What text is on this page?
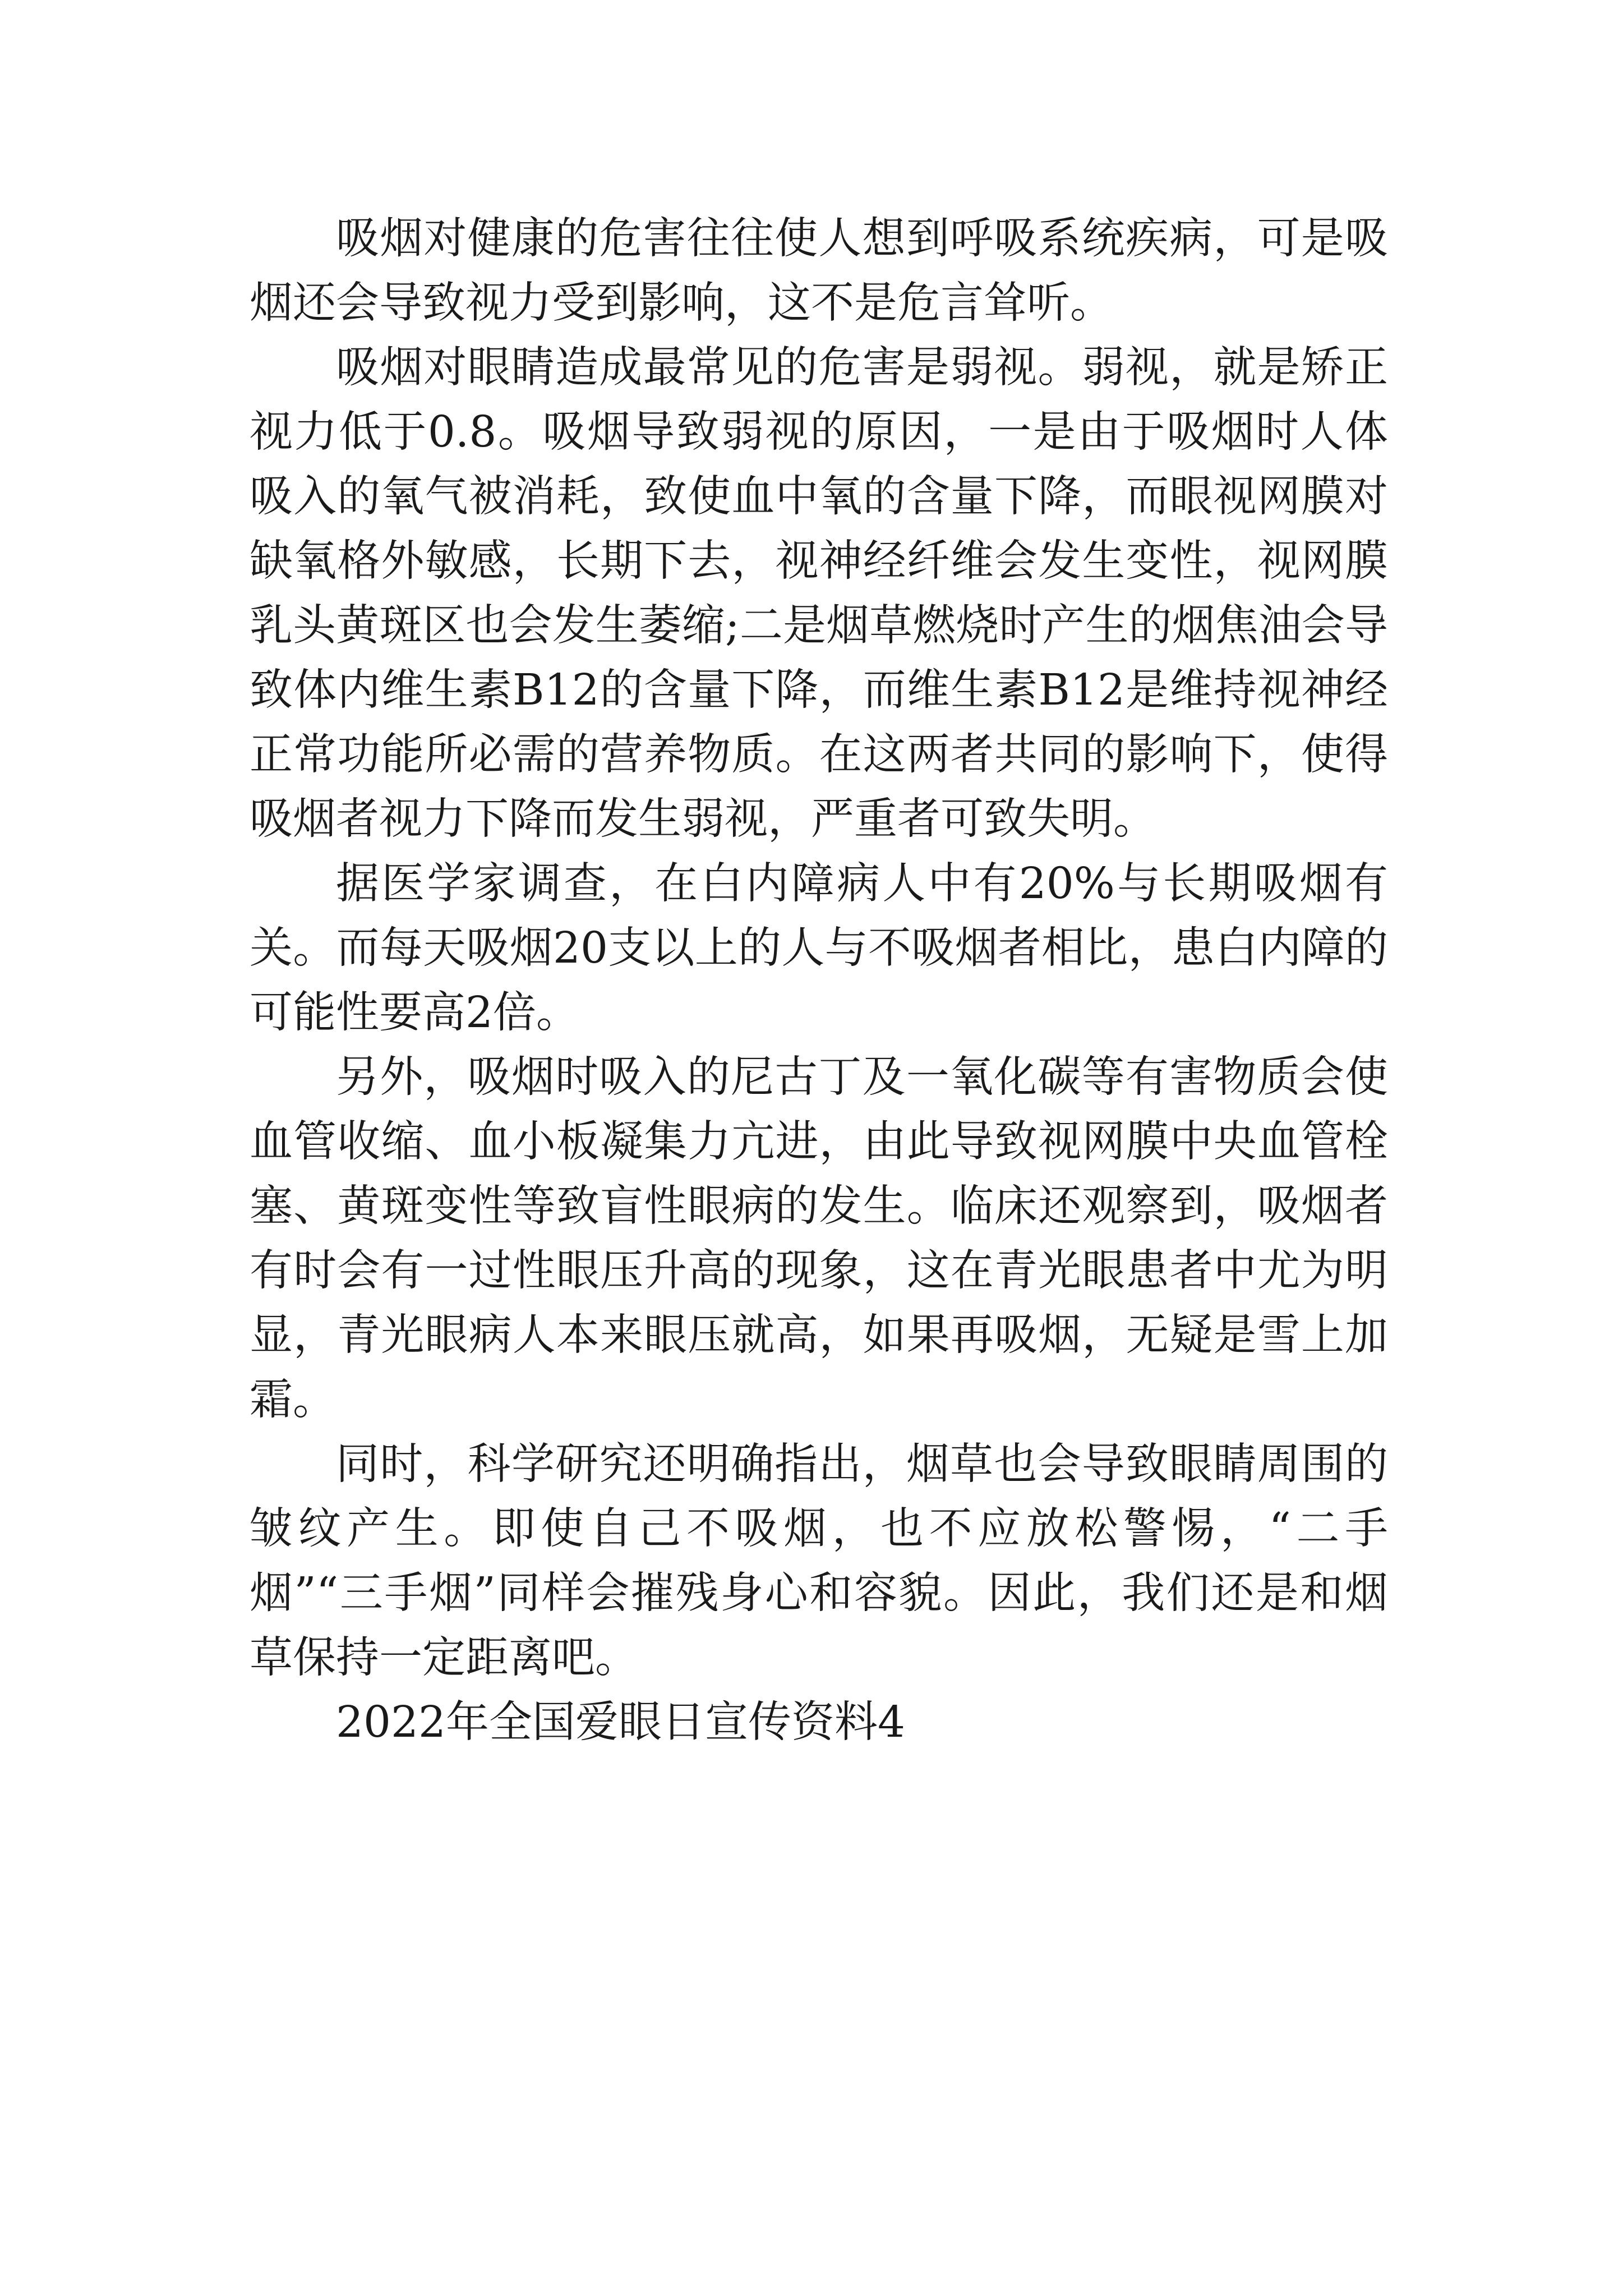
吸烟对健康的危害往往使人想到呼吸系统疾病，可是吸烟还会导致视力受到影响，这不是危言耸听。

吸烟对眼睛造成最常见的危害是弱视。弱视，就是矫正视力低于0.8。吸烟导致弱视的原因，一是由于吸烟时人体吸入的氧气被消耗，致使血中氧的含量下降，而眼视网膜对缺氧格外敏感，长期下去，视神经纤维会发生变性，视网膜乳头黄斑区也会发生萎缩;二是烟草燃烧时产生的烟焦油会导致体内维生素B12的含量下降，而维生素B12是维持视神经正常功能所必需的营养物质。在这两者共同的影响下，使得吸烟者视力下降而发生弱视，严重者可致失明。

据医学家调查，在白内障病人中有20%与长期吸烟有关。而每天吸烟20支以上的人与不吸烟者相比，患白内障的可能性要高2倍。

另外，吸烟时吸入的尼古丁及一氧化碳等有害物质会使血管收缩、血小板凝集力亢进，由此导致视网膜中央血管栓塞、黄斑变性等致盲性眼病的发生。临床还观察到，吸烟者有时会有一过性眼压升高的现象，这在青光眼患者中尤为明显，青光眼病人本来眼压就高，如果再吸烟，无疑是雪上加霜。

同时，科学研究还明确指出，烟草也会导致眼睛周围的皱纹产生。即使自己不吸烟，也不应放松警惕，“二手烟”“三手烟”同样会摧残身心和容貌。因此，我们还是和烟草保持一定距离吧。

2022年全国爱眼日宣传资料4
